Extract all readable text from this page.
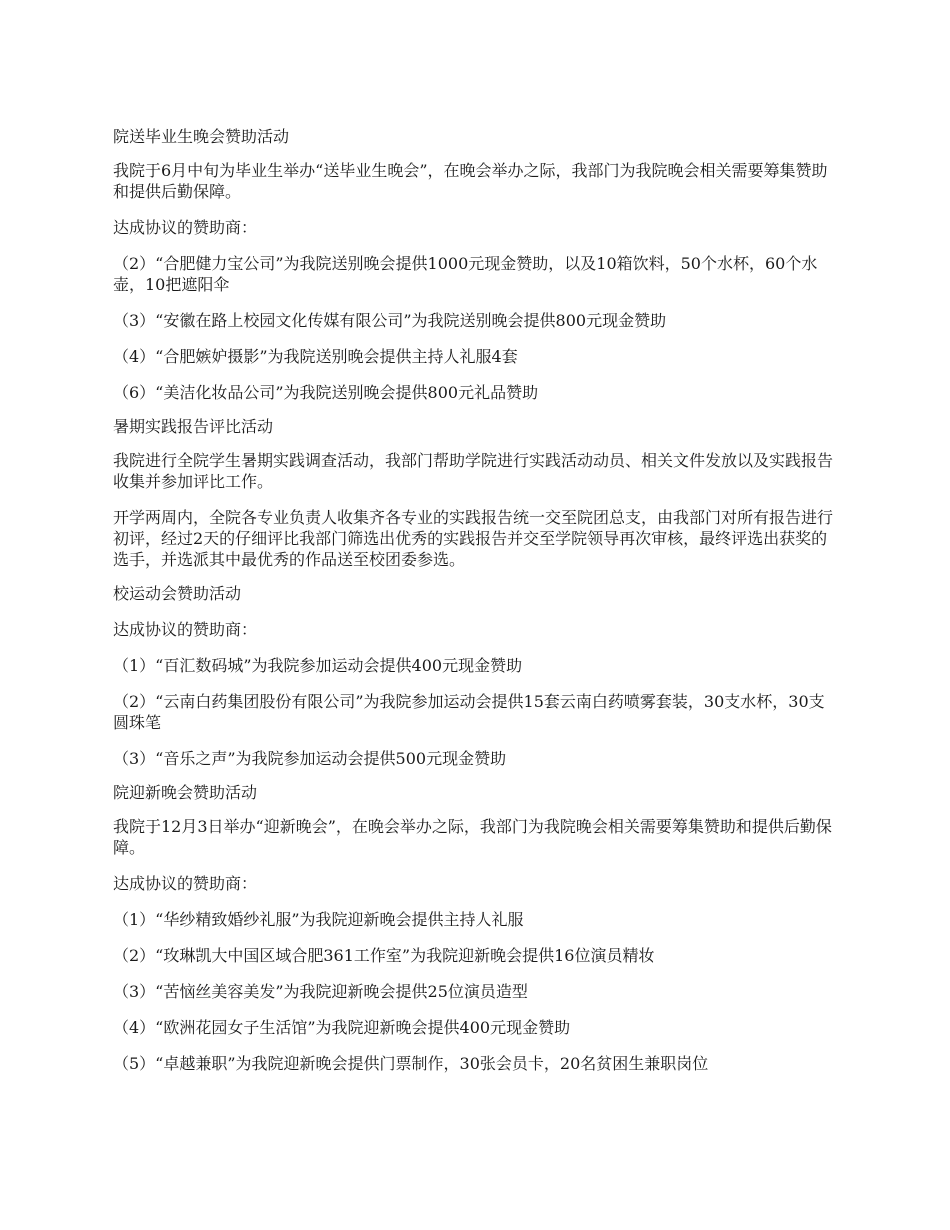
院送毕业生晚会赞助活动

我院于6月中旬为毕业生举办“送毕业生晚会”，在晚会举办之际，我部门为我院晚会相关需要筹集赞助和提供后勤保障。

达成协议的赞助商：

（2）“合肥健力宝公司”为我院送别晚会提供1000元现金赞助，以及10箱饮料，50个水杯，60个水壶，10把遮阳伞

（3）“安徽在路上校园文化传媒有限公司”为我院送别晚会提供800元现金赞助

（4）“合肥嫉妒摄影”为我院送别晚会提供主持人礼服4套

（6）“美洁化妆品公司”为我院送别晚会提供800元礼品赞助

暑期实践报告评比活动

我院进行全院学生暑期实践调查活动，我部门帮助学院进行实践活动动员、相关文件发放以及实践报告收集并参加评比工作。

开学两周内，全院各专业负责人收集齐各专业的实践报告统一交至院团总支，由我部门对所有报告进行初评，经过2天的仔细评比我部门筛选出优秀的实践报告并交至学院领导再次审核，最终评选出获奖的选手，并选派其中最优秀的作品送至校团委参选。

校运动会赞助活动

达成协议的赞助商：

（1）“百汇数码城”为我院参加运动会提供400元现金赞助

（2）“云南白药集团股份有限公司”为我院参加运动会提供15套云南白药喷雾套装，30支水杯，30支圆珠笔

（3）“音乐之声”为我院参加运动会提供500元现金赞助

院迎新晚会赞助活动

我院于12月3日举办“迎新晚会”，在晚会举办之际，我部门为我院晚会相关需要筹集赞助和提供后勤保障。

达成协议的赞助商：

（1）“华纱精致婚纱礼服”为我院迎新晚会提供主持人礼服

（2）“玫琳凯大中国区域合肥361工作室”为我院迎新晚会提供16位演员精妆

（3）“苦恼丝美容美发”为我院迎新晚会提供25位演员造型

（4）“欧洲花园女子生活馆”为我院迎新晚会提供400元现金赞助

（5）“卓越兼职”为我院迎新晚会提供门票制作，30张会员卡，20名贫困生兼职岗位
